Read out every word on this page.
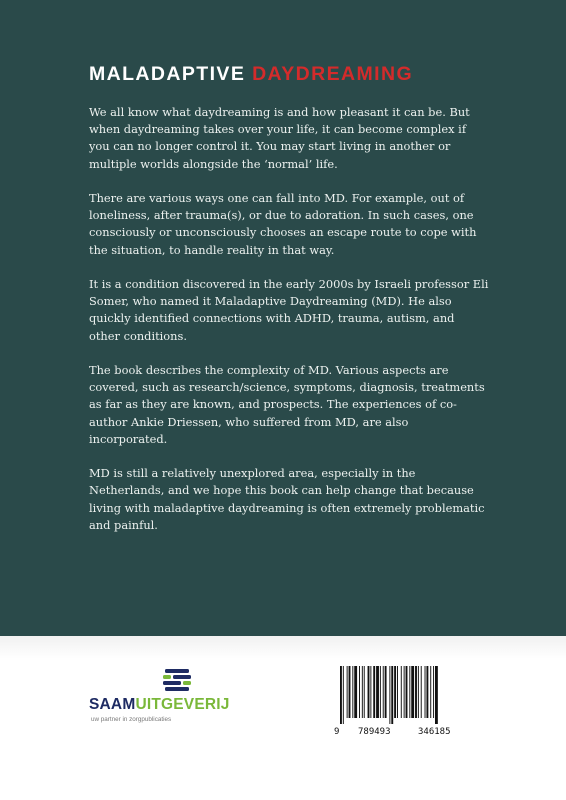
MALADAPTIVE DAYDREAMING

We all know what daydreaming is and how pleasant it can be. But when daydreaming takes over your life, it can become complex if you can no longer control it. You may start living in another or multiple worlds alongside the ‘normal’ life.

There are various ways one can fall into MD. For example, out of loneliness, after trauma(s), or due to adoration. In such cases, one consciously or unconsciously chooses an escape route to cope with the situation, to handle reality in that way.

It is a condition discovered in the early 2000s by Israeli professor Eli Somer, who named it Maladaptive Daydreaming (MD). He also quickly identified connections with ADHD, trauma, autism, and other conditions.

The book describes the complexity of MD. Various aspects are covered, such as research/science, symptoms, diagnosis, treatments as far as they are known, and prospects. The experiences of co-author Ankie Driessen, who suffered from MD, are also incorporated.

MD is still a relatively unexplored area, especially in the Netherlands, and we hope this book can help change that because living with maladaptive daydreaming is often extremely problematic and painful.

SAAMUITGEVERIJ
uw partner in zorgpublicaties
9 789493	346185
